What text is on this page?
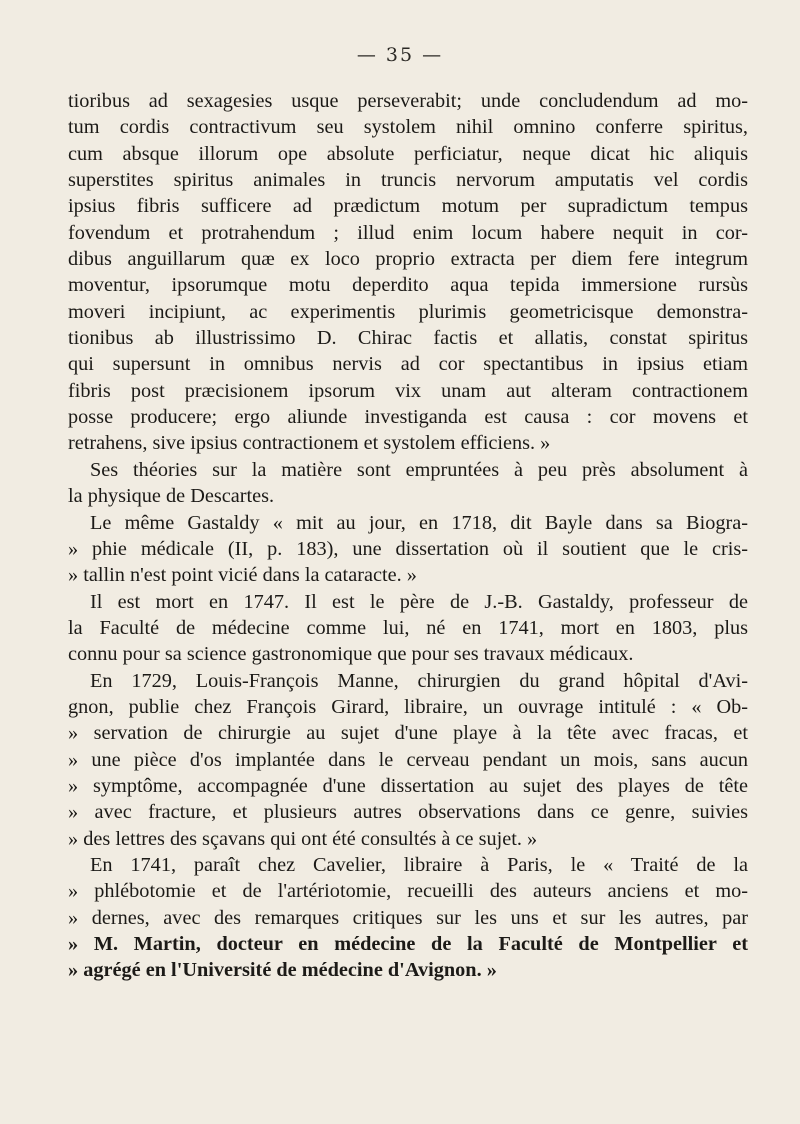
— 35 —
tioribus ad sexagesies usque perseverabit; unde concludendum ad mo-
tum cordis contractivum seu systolem nihil omnino conferre spiritus,
cum absque illorum ope absolute perficiatur, neque dicat hic aliquis
superstites spiritus animales in truncis nervorum amputatis vel cordis
ipsius fibris sufficere ad prædictum motum per supradictum tempus
fovendum et protrahendum ; illud enim locum habere nequit in cor-
dibus anguillarum quæ ex loco proprio extracta per diem fere integrum
moventur, ipsorumque motu deperdito aqua tepida immersione rursùs
moveri incipiunt, ac experimentis plurimis geometricisque demonstra-
tionibus ab illustrissimo D. Chirac factis et allatis, constat spiritus
qui supersunt in omnibus nervis ad cor spectantibus in ipsius etiam
fibris post præcisionem ipsorum vix unam aut alteram contractionem
posse producere; ergo aliunde investiganda est causa : cor movens et
retrahens, sive ipsius contractionem et systolem efficiens. »
Ses théories sur la matière sont empruntées à peu près absolument à
la physique de Descartes.
Le même Gastaldy « mit au jour, en 1718, dit Bayle dans sa Biogra-
» phie médicale (II, p. 183), une dissertation où il soutient que le cris-
» tallin n'est point vicié dans la cataracte. »
Il est mort en 1747. Il est le père de J.-B. Gastaldy, professeur de
la Faculté de médecine comme lui, né en 1741, mort en 1803, plus
connu pour sa science gastronomique que pour ses travaux médicaux.
En 1729, Louis-François Manne, chirurgien du grand hôpital d'Avi-
gnon, publie chez François Girard, libraire, un ouvrage intitulé : « Ob-
» servation de chirurgie au sujet d'une playe à la tête avec fracas, et
» une pièce d'os implantée dans le cerveau pendant un mois, sans aucun
» symptôme, accompagnée d'une dissertation au sujet des playes de tête
» avec fracture, et plusieurs autres observations dans ce genre, suivies
» des lettres des sçavans qui ont été consultés à ce sujet. »
En 1741, paraît chez Cavelier, libraire à Paris, le « Traité de la
» phlébotomie et de l'artériotomie, recueilli des auteurs anciens et mo-
» dernes, avec des remarques critiques sur les uns et sur les autres, par
» M. Martin, docteur en médecine de la Faculté de Montpellier et
» agrégé en l'Université de médecine d'Avignon. »
